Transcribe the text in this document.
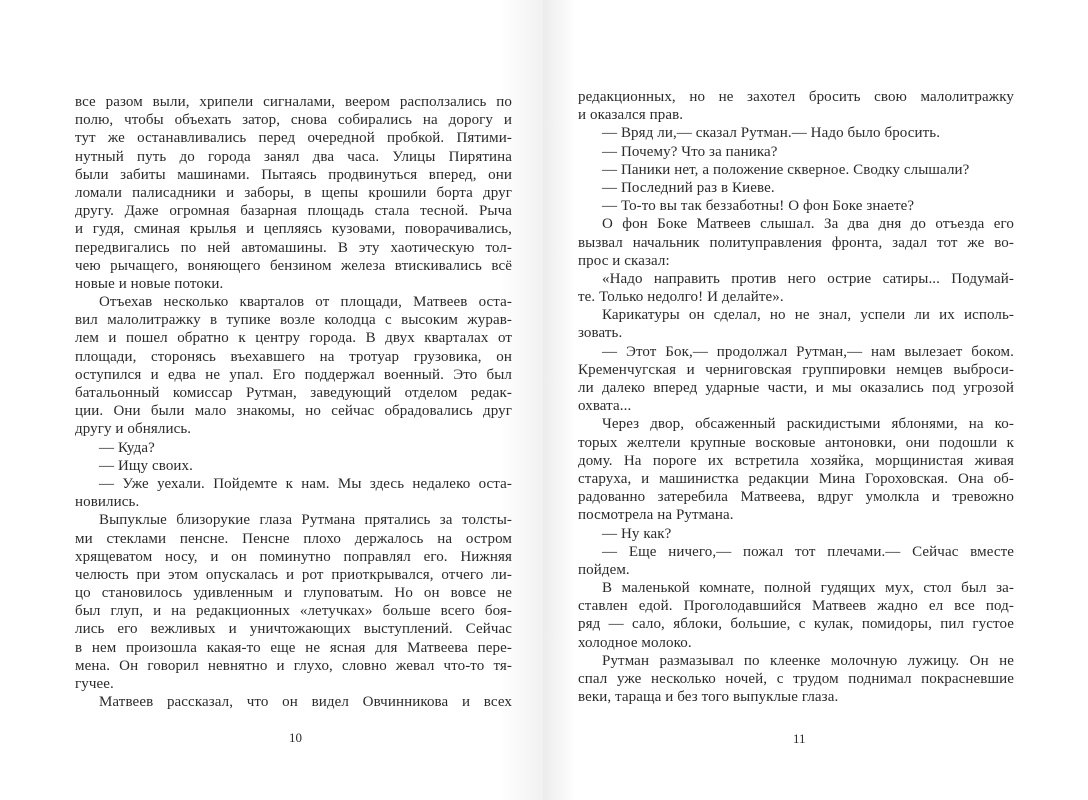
все разом выли, хрипели сигналами, веером расползались по
полю, чтобы объехать затор, снова собирались на дорогу и
тут же останавливались перед очередной пробкой. Пятими-
нутный путь до города занял два часа. Улицы Пирятина
были забиты машинами. Пытаясь продвинуться вперед, они
ломали палисадники и заборы, в щепы крошили борта друг
другу. Даже огромная базарная площадь стала тесной. Рыча
и гудя, сминая крылья и цепляясь кузовами, поворачивались,
передвигались по ней автомашины. В эту хаотическую тол-
чею рычащего, воняющего бензином железа втискивались всё
новые и новые потоки.
Отъехав несколько кварталов от площади, Матвеев оста-
вил малолитражку в тупике возле колодца с высоким журав-
лем и пошел обратно к центру города. В двух кварталах от
площади, сторонясь въехавшего на тротуар грузовика, он
оступился и едва не упал. Его поддержал военный. Это был
батальонный комиссар Рутман, заведующий отделом редак-
ции. Они были мало знакомы, но сейчас обрадовались друг
другу и обнялись.
— Куда?
— Ищу своих.
— Уже уехали. Пойдемте к нам. Мы здесь недалеко оста-
новились.
Выпуклые близорукие глаза Рутмана прятались за толсты-
ми стеклами пенсне. Пенсне плохо держалось на остром
хрящеватом носу, и он поминутно поправлял его. Нижняя
челюсть при этом опускалась и рот приоткрывался, отчего ли-
цо становилось удивленным и глуповатым. Но он вовсе не
был глуп, и на редакционных «летучках» больше всего боя-
лись его вежливых и уничтожающих выступлений. Сейчас
в нем произошла какая-то еще не ясная для Матвеева пере-
мена. Он говорил невнятно и глухо, словно жевал что-то тя-
гучее.
Матвеев рассказал, что он видел Овчинникова и всех
10
редакционных, но не захотел бросить свою малолитражку
и оказался прав.
— Вряд ли,— сказал Рутман.— Надо было бросить.
— Почему? Что за паника?
— Паники нет, а положение скверное. Сводку слышали?
— Последний раз в Киеве.
— То-то вы так беззаботны! О фон Боке знаете?
О фон Боке Матвеев слышал. За два дня до отъезда его
вызвал начальник политуправления фронта, задал тот же во-
прос и сказал:
«Надо направить против него острие сатиры... Подумай-
те. Только недолго! И делайте».
Карикатуры он сделал, но не знал, успели ли их исполь-
зовать.
— Этот Бок,— продолжал Рутман,— нам вылезает боком.
Кременчугская и черниговская группировки немцев выброси-
ли далеко вперед ударные части, и мы оказались под угрозой
охвата...
Через двор, обсаженный раскидистыми яблонями, на ко-
торых желтели крупные восковые антоновки, они подошли к
дому. На пороге их встретила хозяйка, морщинистая живая
старуха, и машинистка редакции Мина Гороховская. Она об-
радованно затеребила Матвеева, вдруг умолкла и тревожно
посмотрела на Рутмана.
— Ну как?
— Еще ничего,— пожал тот плечами.— Сейчас вместе
пойдем.
В маленькой комнате, полной гудящих мух, стол был за-
ставлен едой. Проголодавшийся Матвеев жадно ел все под-
ряд — сало, яблоки, большие, с кулак, помидоры, пил густое
холодное молоко.
Рутман размазывал по клеенке молочную лужицу. Он не
спал уже несколько ночей, с трудом поднимал покрасневшие
веки, таращa и без того выпуклые глаза.
11
